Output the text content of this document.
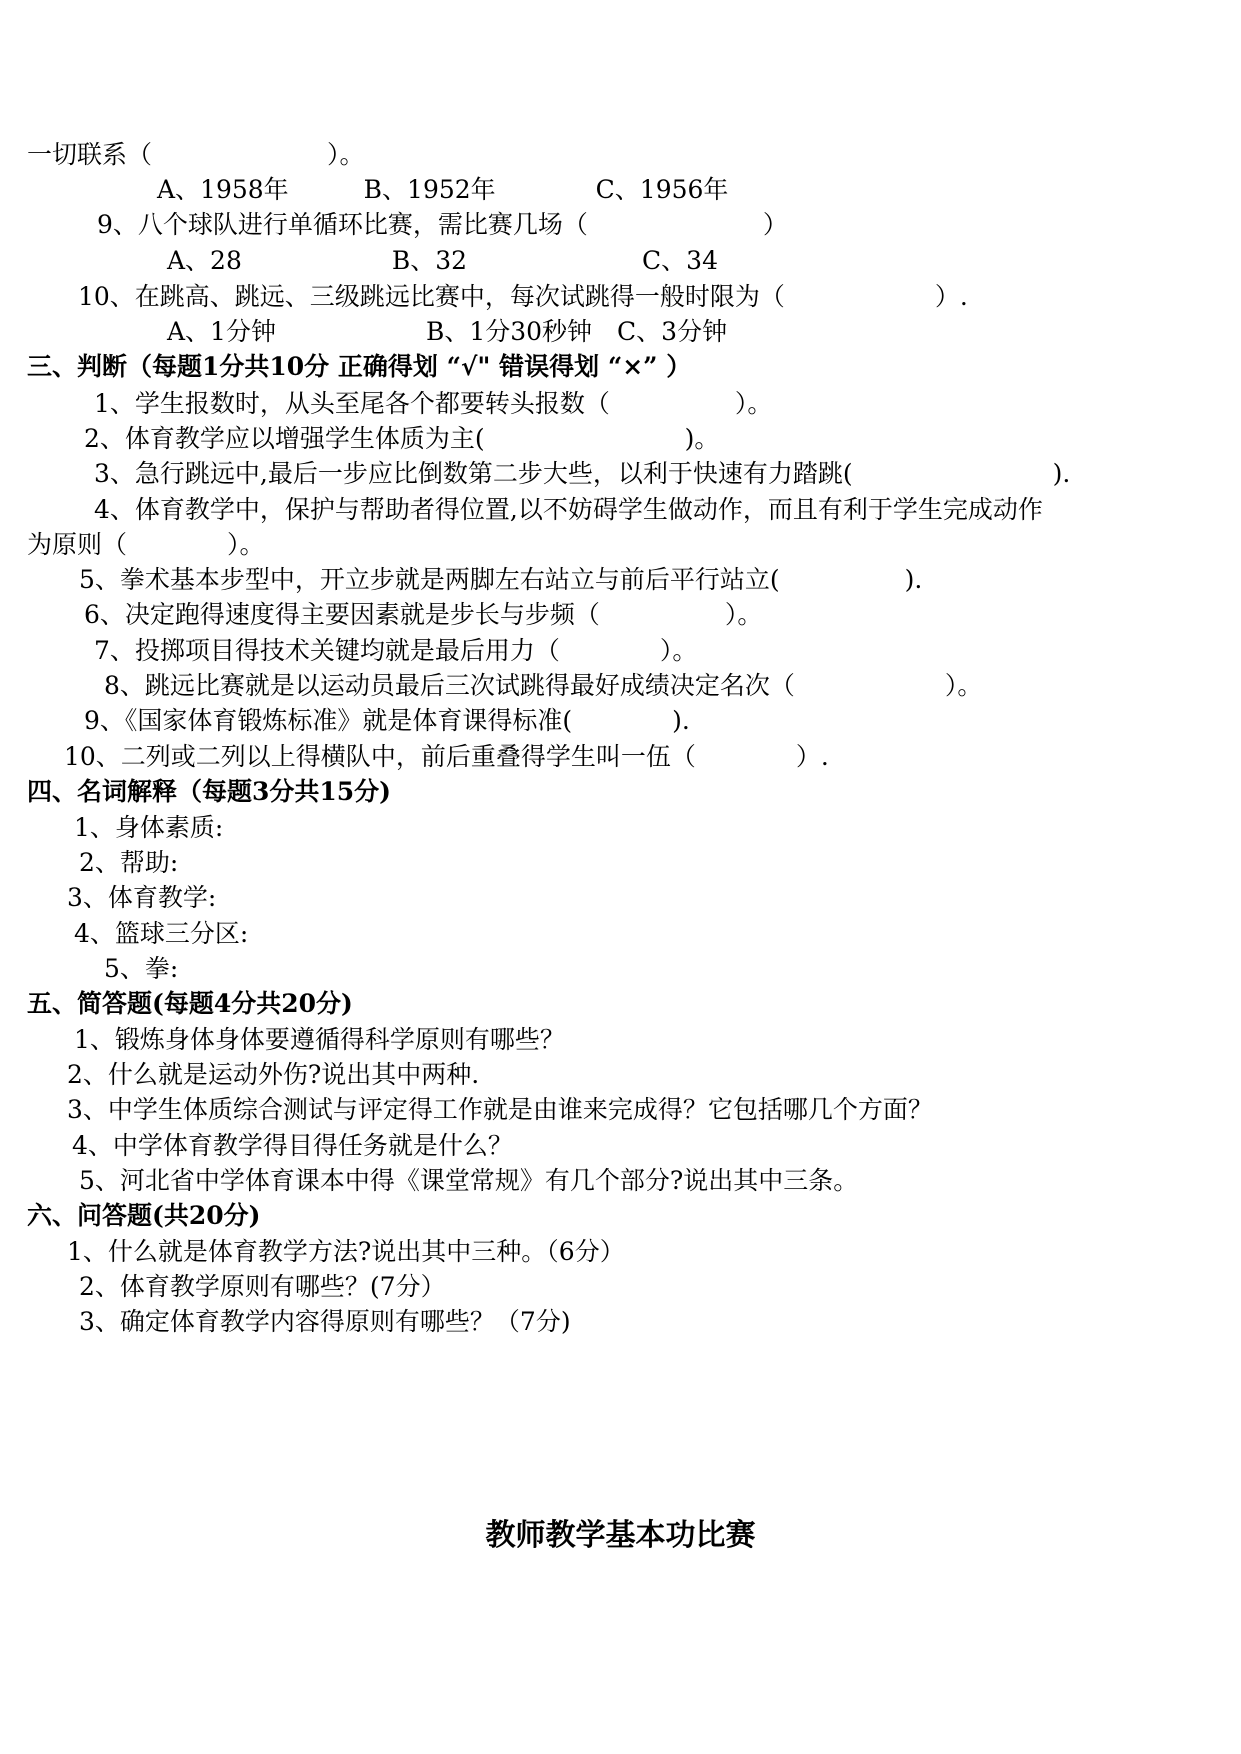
一切联系（　　　　　　　）。

A、1958年　　　B、1952年　　　　C、1956年

9、八个球队进行单循环比赛，需比赛几场（　　　　　　　）

A、28　　　　　　B、32　　　　　　　C、34

10、在跳高、跳远、三级跳远比赛中，每次试跳得一般时限为（　　　　　　）.

A、1分钟　　　　　　B、1分30秒钟　C、3分钟

三、判断（每题1分共10分 正确得划 “√" 错误得划 “×” ）

1、学生报数时，从头至尾各个都要转头报数（　　　　　）。

2、体育教学应以增强学生体质为主(　　　　　　　　)。

3、急行跳远中,最后一步应比倒数第二步大些，以利于快速有力踏跳(　　　　　　　　).

4、体育教学中，保护与帮助者得位置,以不妨碍学生做动作，而且有利于学生完成动作

为原则（　　　　）。

5、拳术基本步型中，开立步就是两脚左右站立与前后平行站立(　　　　　).

6、决定跑得速度得主要因素就是步长与步频（　　　　　）。

7、投掷项目得技术关键均就是最后用力（　　　　）。

8、跳远比赛就是以运动员最后三次试跳得最好成绩决定名次（　　　　　　）。

9、《国家体育锻炼标准》就是体育课得标准(　　　　).

10、二列或二列以上得横队中，前后重叠得学生叫一伍（　　　　）.

四、名词解释（每题3分共15分)

1、身体素质:

2、帮助:

3、体育教学:

4、篮球三分区:

5、拳:

五、简答题(每题4分共20分)

1、锻炼身体身体要遵循得科学原则有哪些？

2、什么就是运动外伤?说出其中两种.

3、中学生体质综合测试与评定得工作就是由谁来完成得？它包括哪几个方面？

4、中学体育教学得目得任务就是什么？

5、河北省中学体育课本中得《课堂常规》有几个部分?说出其中三条。

六、问答题(共20分)

1、什么就是体育教学方法?说出其中三种。（6分）

2、体育教学原则有哪些？(7分）

3、确定体育教学内容得原则有哪些？（7分)

教师教学基本功比赛
